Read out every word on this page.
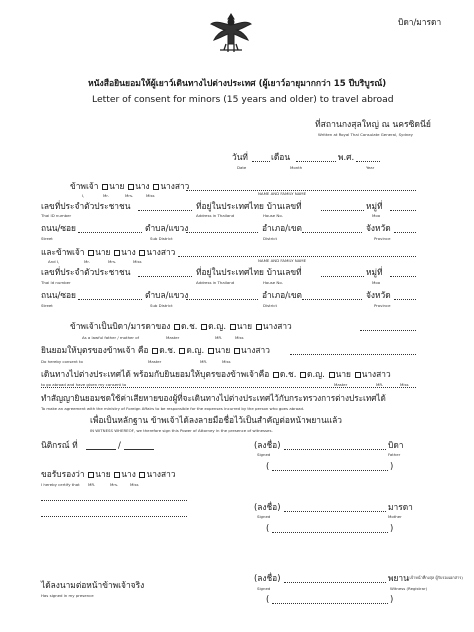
บิดา/มารดา
หนังสือยินยอมให้ผู้เยาว์เดินทางไปต่างประเทศ (ผู้เยาว์อายุมากกว่า 15 ปีบริบูรณ์)
Letter of consent for minors (15 years and older) to travel abroad
ที่สถานกงสุลใหญ่ ณ นครซิดนีย์
Written at Royal Thai Consulate General, Sydney
วันที่	เดือน	พ.ศ.
Date	Month	Year
ข้าพเจ้า นาย นาง นางสาว
I,	Mr.	Mrs.	Miss	NAME AND FAMILY NAME
เลขที่ประจำตัวประชาชน	ที่อยู่ในประเทศไทย บ้านเลขที่	หมู่ที่
Thai ID number	Address in Thailand	House No.	Moo
ถนน/ซอย	ตำบล/แขวง	อำเภอ/เขต	จังหวัด
Street	Sub District	District	Province
และข้าพเจ้า นาย นาง นางสาว
And I,	Mr.	Mrs.	Miss	NAME AND FAMILY NAME
เลขที่ประจำตัวประชาชน	ที่อยู่ในประเทศไทย บ้านเลขที่	หมู่ที่
Thai Id number	Address in Thailand	House No.	Moo
ถนน/ซอย	ตำบล/แขวง	อำเภอ/เขต	จังหวัด
Street	Sub District	District	Province
ข้าพเจ้าเป็นบิดา/มารดาของ ด.ช. ด.ญ. นาย นางสาว
As a lawful father / mother of	Master	MR.	Miss
ยินยอมให้บุตรของข้าพเจ้า คือ ด.ช. ด.ญ. นาย นางสาว
Do hereby consent to	Master	MR.	Miss
เดินทางไปต่างประเทศได้ พร้อมกับยินยอมให้บุตรของข้าพเจ้าคือ ด.ช. ด.ญ. นาย นางสาว
to go abroad and have given my consent to	Master	MR.	Miss
ทำสัญญายินยอมชดใช้ค่าเสียหายของผู้ที่จะเดินทางไปต่างประเทศไว้กับกระทรวงการต่างประเทศได้
To make an agreement with the ministry of Foreign Affairs to be responsible for the expenses incurred by the person who goes abroad.
เพื่อเป็นหลักฐาน ข้าพเจ้าได้ลงลายมือชื่อไว้เป็นสำคัญต่อหน้าพยานแล้ว
IN WITNESS WHEREOF, we therefore sign this Power of Attorney in the presence of witnesses.
นิติกรณ์ ที่	/
ขอรับรองว่า นาย นาง นางสาว
I hereby certify that MR.	Mrs.	Miss
ได้ลงนามต่อหน้าข้าพเจ้าจริง
Has signed in my presence
(ลงชื่อ)	บิดา
Signed	Father
(	)
(ลงชื่อ)	มารดา
Signed	Mother
(	)
(ลงชื่อ)	พยาน (เจ้าหน้าที่กงสุล ผู้รับรองเอกสาร)
Signed	Witness (Registrar)
(	)
